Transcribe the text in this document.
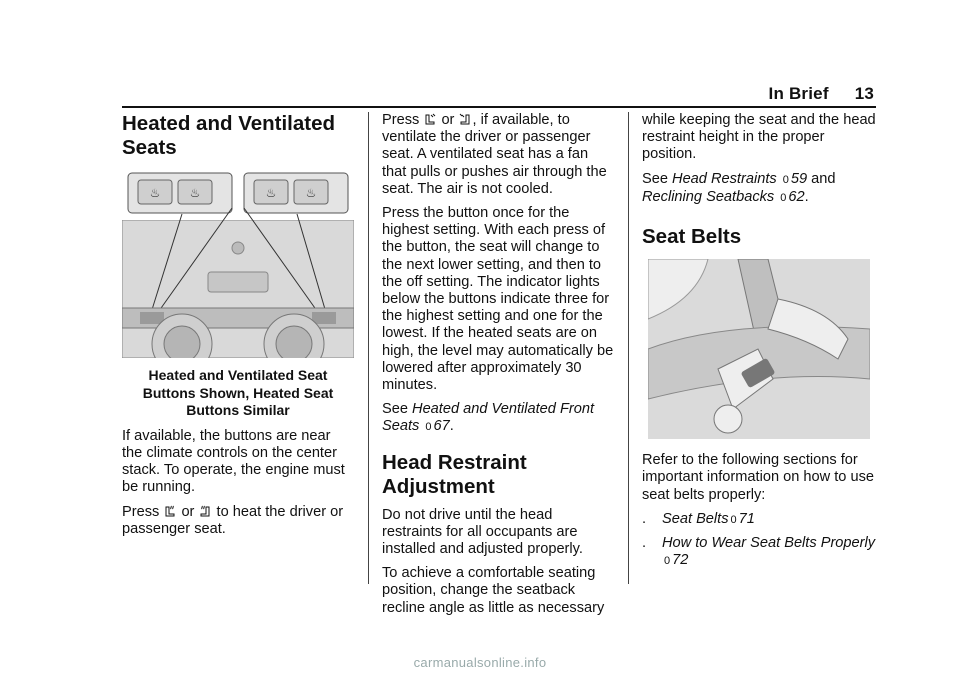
In Brief 13
Heated and Ventilated Seats
♨ ♨	♨ ♨
Heated and Ventilated Seat Buttons Shown, Heated Seat Buttons Similar

If available, the buttons are near the climate controls on the center stack. To operate, the engine must be running.

Press or to heat the driver or passenger seat.

Press or , if available, to ventilate the driver or passenger seat. A ventilated seat has a fan that pulls or pushes air through the seat. The air is not cooled.

Press the button once for the highest setting. With each press of the button, the seat will change to the next lower setting, and then to the off setting. The indicator lights below the buttons indicate three for the highest setting and one for the lowest. If the heated seats are on high, the level may automatically be lowered after approximately 30 minutes.

See Heated and Ventilated Front Seats 0 67.

Head Restraint Adjustment

Do not drive until the head restraints for all occupants are installed and adjusted properly.

To achieve a comfortable seating position, change the seatback recline angle as little as necessary

while keeping the seat and the head restraint height in the proper position.

See Head Restraints 0 59 and Reclining Seatbacks 0 62.

Seat Belts

Refer to the following sections for important information on how to use seat belts properly:

. Seat Belts 0 71
. How to Wear Seat Belts Properly
0 72
carmanualsonline.info
